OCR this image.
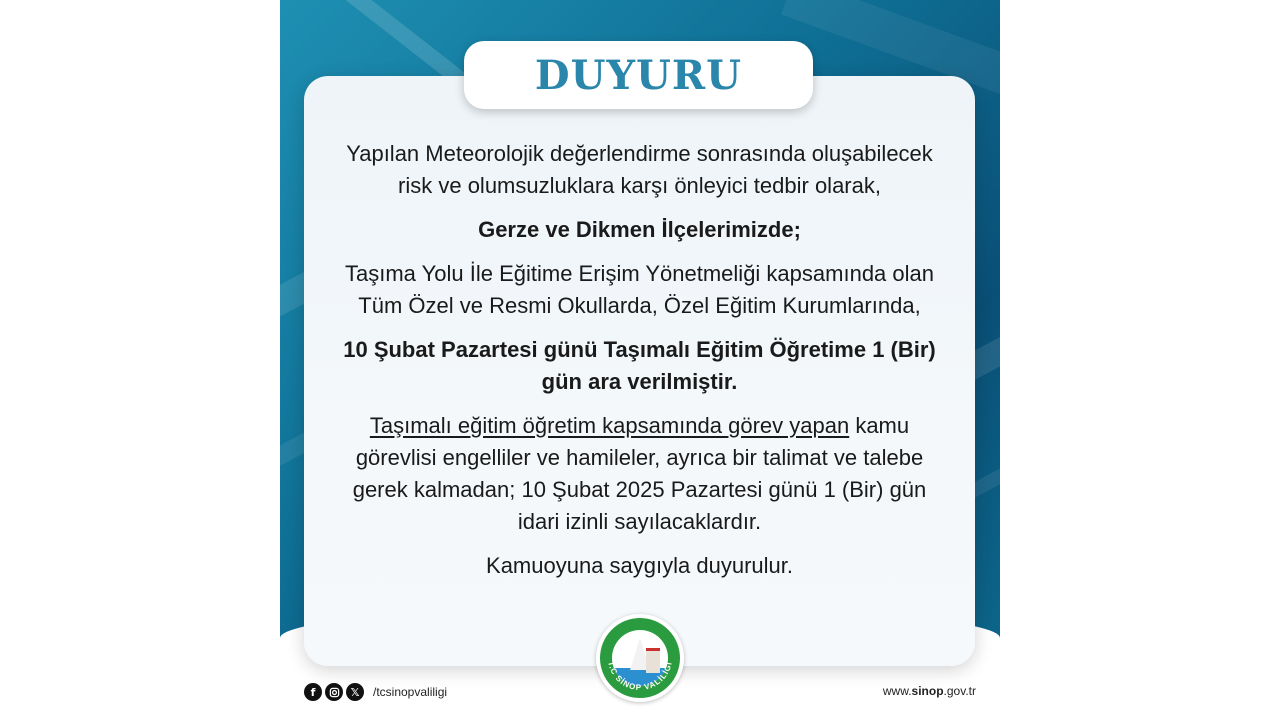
DUYURU

Yapılan Meteorolojik değerlendirme sonrasında oluşabilecek
risk ve olumsuzluklara karşı önleyici tedbir olarak,

Gerze ve Dikmen İlçelerimizde;

Taşıma Yolu İle Eğitime Erişim Yönetmeliği kapsamında olan
Tüm Özel ve Resmi Okullarda, Özel Eğitim Kurumlarında,

10 Şubat Pazartesi günü Taşımalı Eğitim Öğretime 1 (Bir)
gün ara verilmiştir.

Taşımalı eğitim öğretim kapsamında görev yapan kamu
görevlisi engelliler ve hamileler, ayrıca bir talimat ve talebe
gerek kalmadan; 10 Şubat 2025 Pazartesi günü 1 (Bir) gün
idari izinli sayılacaklardır.

Kamuoyuna saygıyla duyurulur.

T.C SİNOP VALİLİĞİ
f	𝕏	/tcsinopvaliligi	www.sinop.gov.tr
